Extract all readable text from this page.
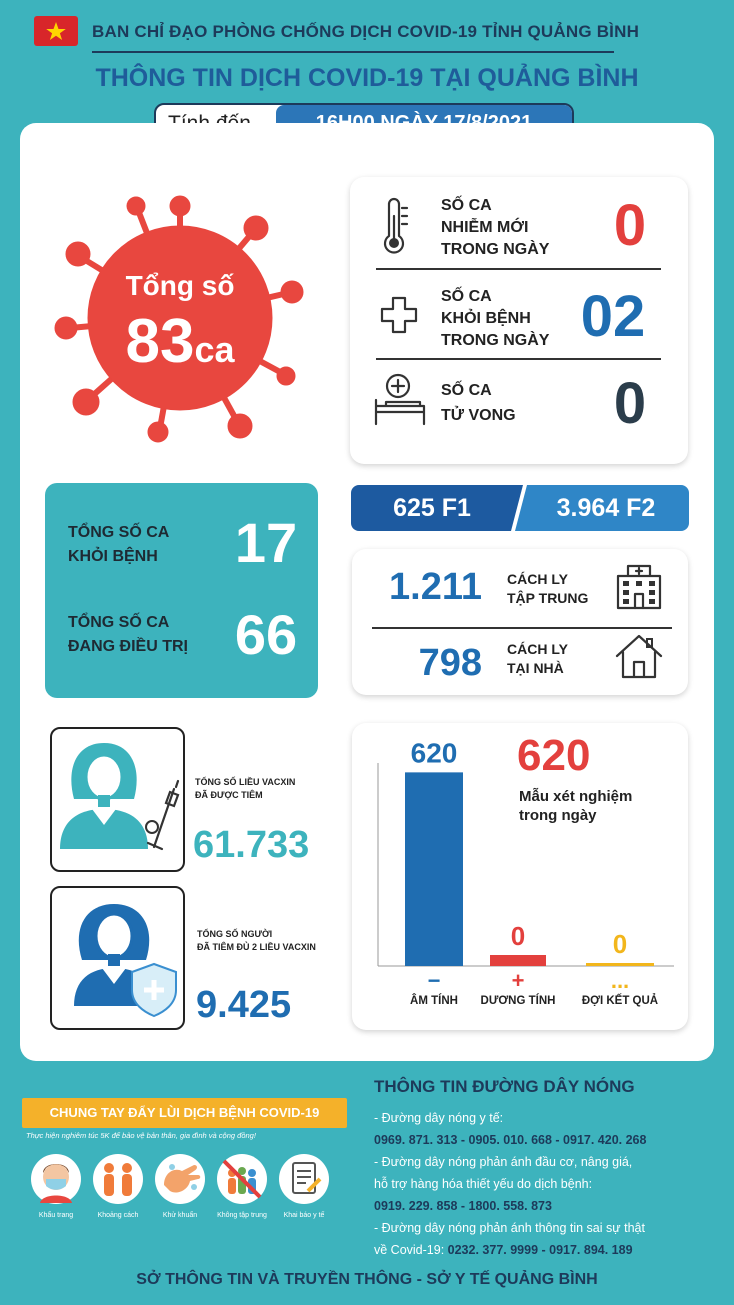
BAN CHỈ ĐẠO PHÒNG CHỐNG DỊCH COVID-19 TỈNH QUẢNG BÌNH
THÔNG TIN DỊCH COVID-19 TẠI QUẢNG BÌNH
Tổng số
83ca
SỐ CA
NHIỄM MỚI
TRONG NGÀY 0
SỐ CA
KHỎI BỆNH
TRONG NGÀY 02
SỐ CA
TỬ VONG 0
TỔNG SỐ CA
KHỎI BỆNH 17
TỔNG SỐ CA
ĐANG ĐIỀU TRỊ 66
625 F1	3.964 F2
1.211 CÁCH LY
TẬP TRUNG
798 CÁCH LY
TẠI NHÀ
TỔNG SỐ LIỀU VACXIN
ĐÃ ĐƯỢC TIÊM
61.733
TỔNG SỐ NGƯỜI
ĐÃ TIÊM ĐỦ 2 LIỀU VACXIN
9.425
620
Mẫu xét nghiệm
trong ngày
620
−
ÂM TÍNH
0
+
DƯƠNG TÍNH
0
...
ĐỢI KẾT QUẢ
CHUNG TAY ĐẨY LÙI DỊCH BỆNH COVID-19
Thực hiện nghiêm túc 5K để bảo vệ bản thân, gia đình và cộng đồng!
Khẩu trang	Khoảng cách	Khử khuẩn	Không tập trung	Khai báo y tế
THÔNG TIN ĐƯỜNG DÂY NÓNG
- Đường dây nóng y tế:
0969. 871. 313 - 0905. 010. 668 - 0917. 420. 268
- Đường dây nóng phản ánh đầu cơ, nâng giá,
hỗ trợ hàng hóa thiết yếu do dịch bệnh:
0919. 229. 858 - 1800. 558. 873
- Đường dây nóng phản ánh thông tin sai sự thật
về Covid-19: 0232. 377. 9999 - 0917. 894. 189
SỞ THÔNG TIN VÀ TRUYỀN THÔNG - SỞ Y TẾ QUẢNG BÌNH
